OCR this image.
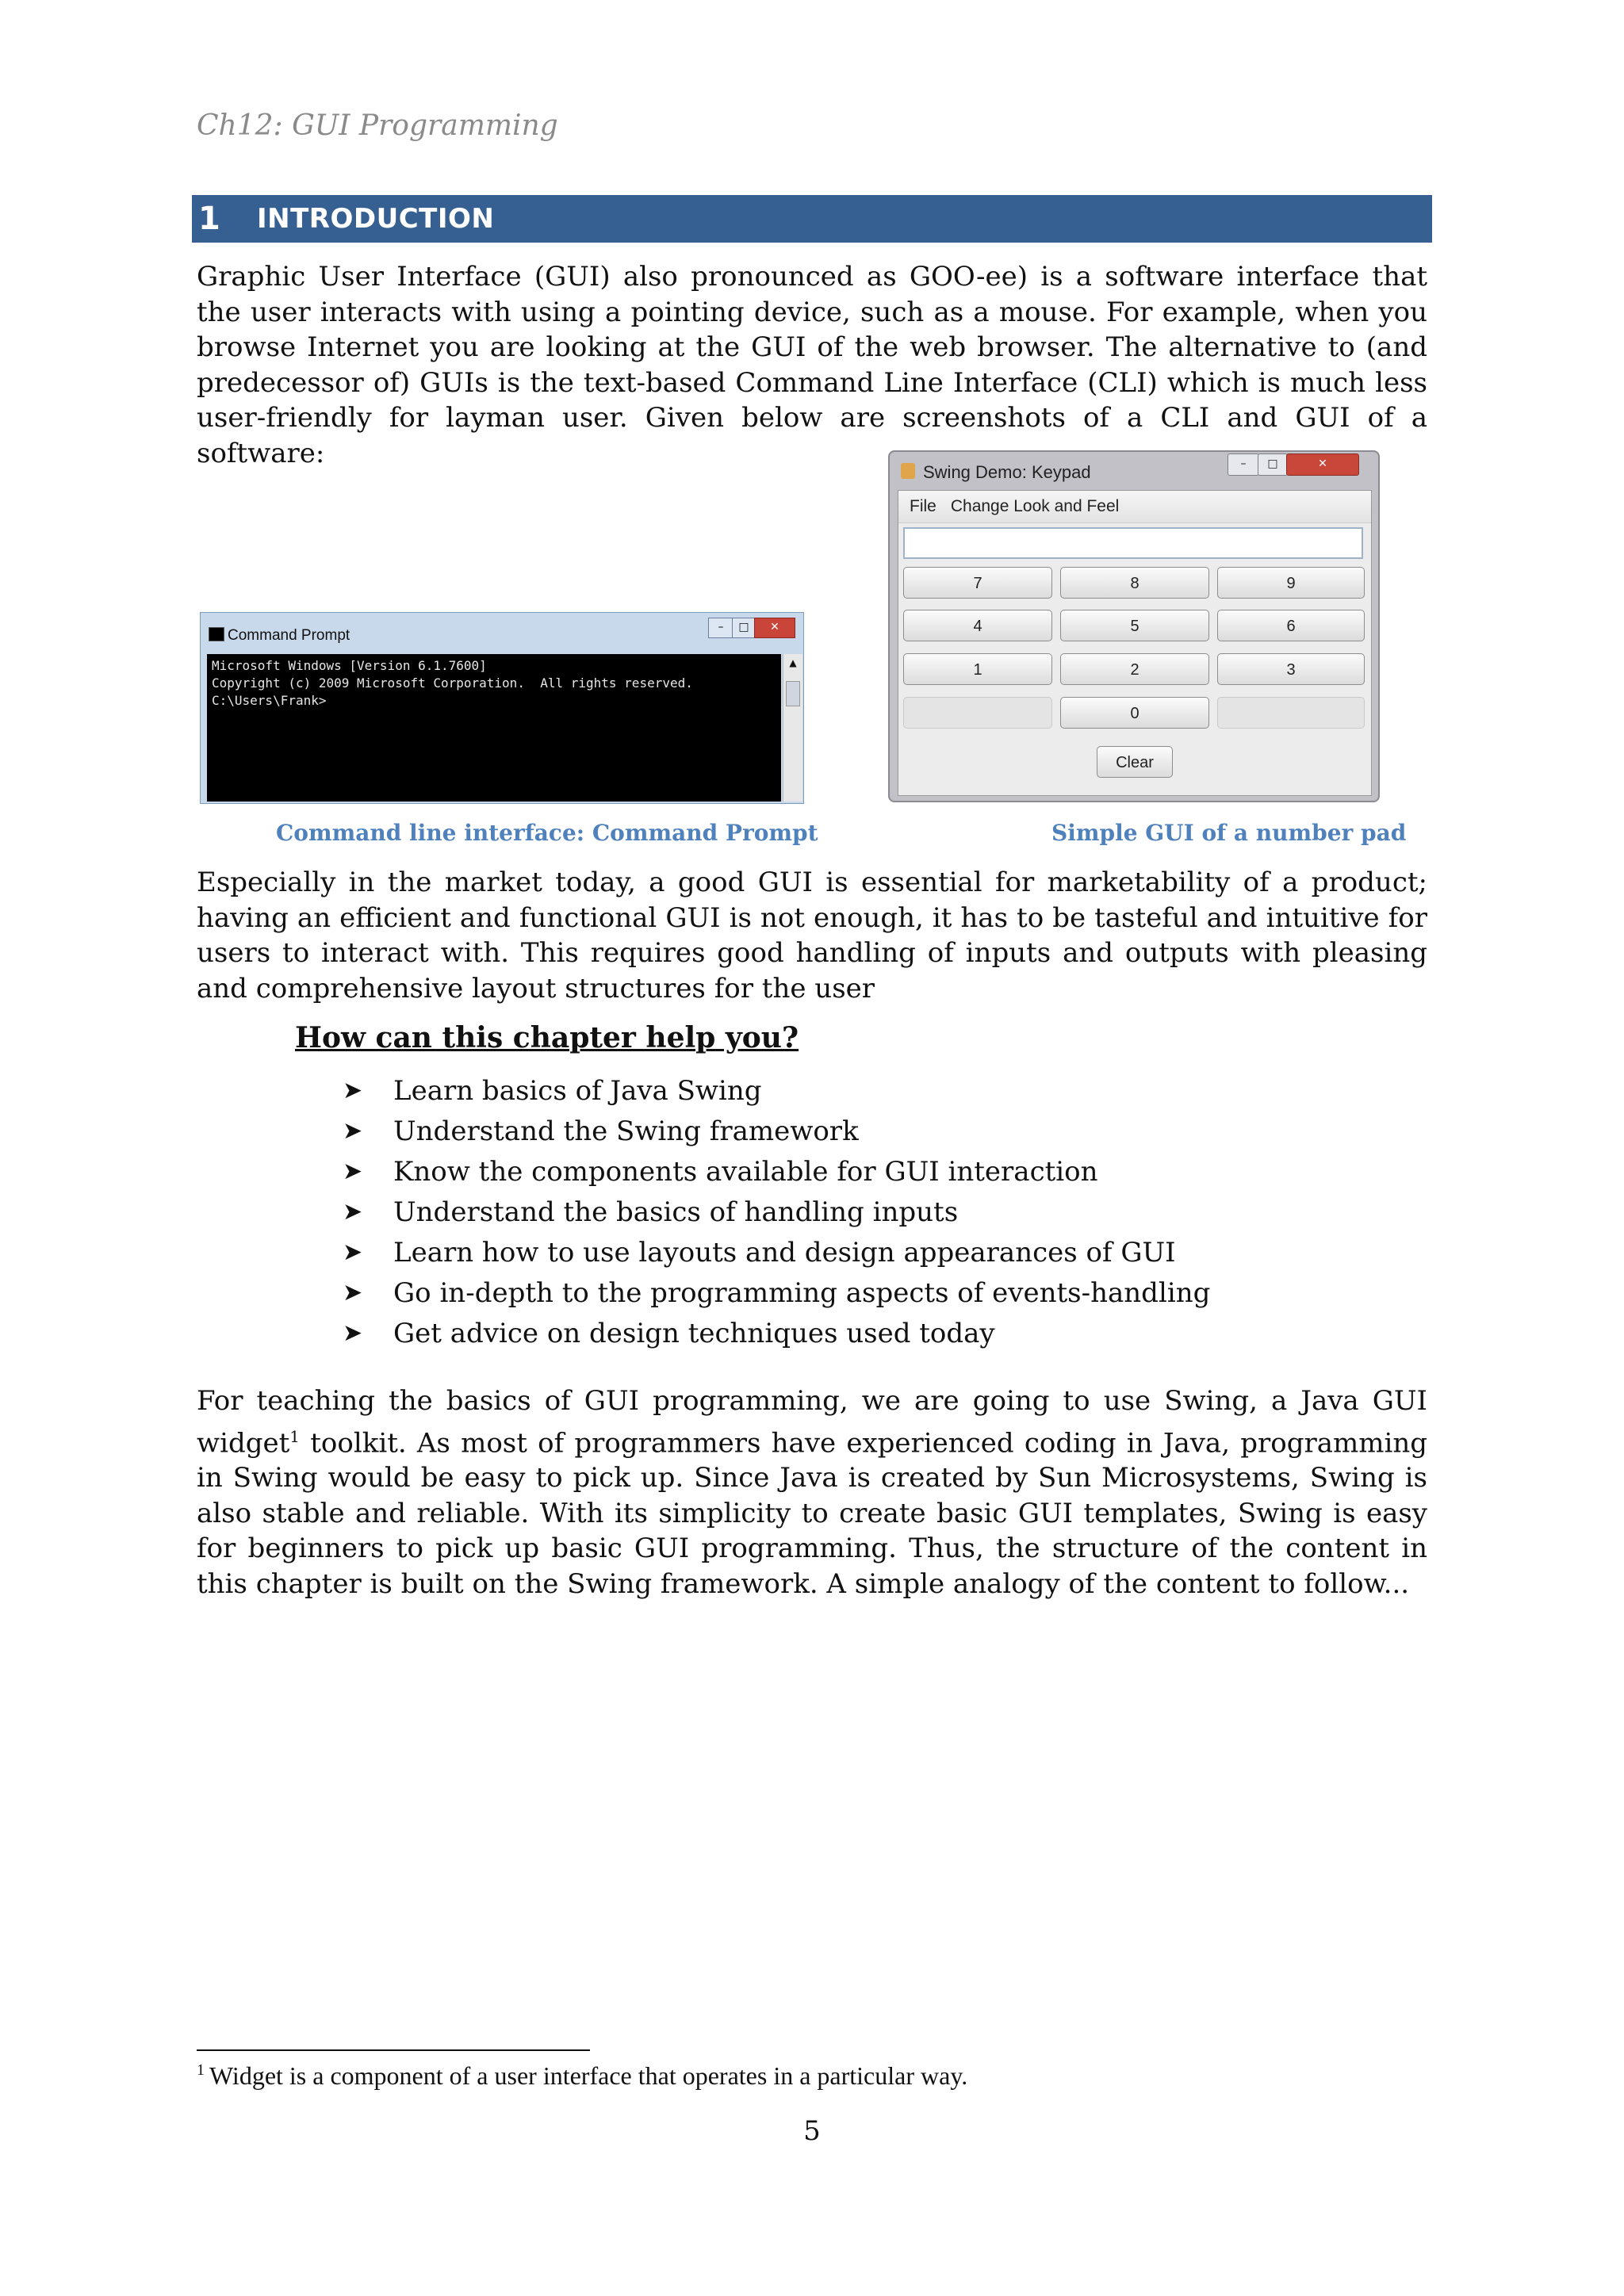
Ch12: GUI Programming
1	INTRODUCTION

Graphic User Interface (GUI) also pronounced as GOO-ee) is a software interface that the user interacts with using a pointing device, such as a mouse. For example, when you browse Internet you are looking at the GUI of the web browser. The alternative to (and predecessor of) GUIs is the text-based Command Line Interface (CLI) which is much less user-friendly for layman user. Given below are screenshots of a CLI and GUI of a software:

Command Prompt	–	□	✕
Microsoft Windows [Version 6.1.7600]
Copyright (c) 2009 Microsoft Corporation.  All rights reserved.
C:\Users\Frank>
▲
Swing Demo: Keypad	–	□	✕
File Change Look and Feel
7	8	9
4	5	6
1	2	3
0
Clear
Command line interface: Command Prompt	Simple GUI of a number pad

Especially in the market today, a good GUI is essential for marketability of a product; having an efficient and functional GUI is not enough, it has to be tasteful and intuitive for users to interact with. This requires good handling of inputs and outputs with pleasing and comprehensive layout structures for the user

How can this chapter help you?
➤	Learn basics of Java Swing
➤	Understand the Swing framework
➤	Know the components available for GUI interaction
➤	Understand the basics of handling inputs
➤	Learn how to use layouts and design appearances of GUI
➤	Go in-depth to the programming aspects of events-handling
➤	Get advice on design techniques used today

For teaching the basics of GUI programming, we are going to use Swing, a Java GUI widget$^1$ toolkit. As most of programmers have experienced coding in Java, programming in Swing would be easy to pick up. Since Java is created by Sun Microsystems, Swing is also stable and reliable. With its simplicity to create basic GUI templates, Swing is easy for beginners to pick up basic GUI programming. Thus, the structure of the content in this chapter is built on the Swing framework. A simple analogy of the content to follow...

$^1$ Widget is a component of a user interface that operates in a particular way.
5
